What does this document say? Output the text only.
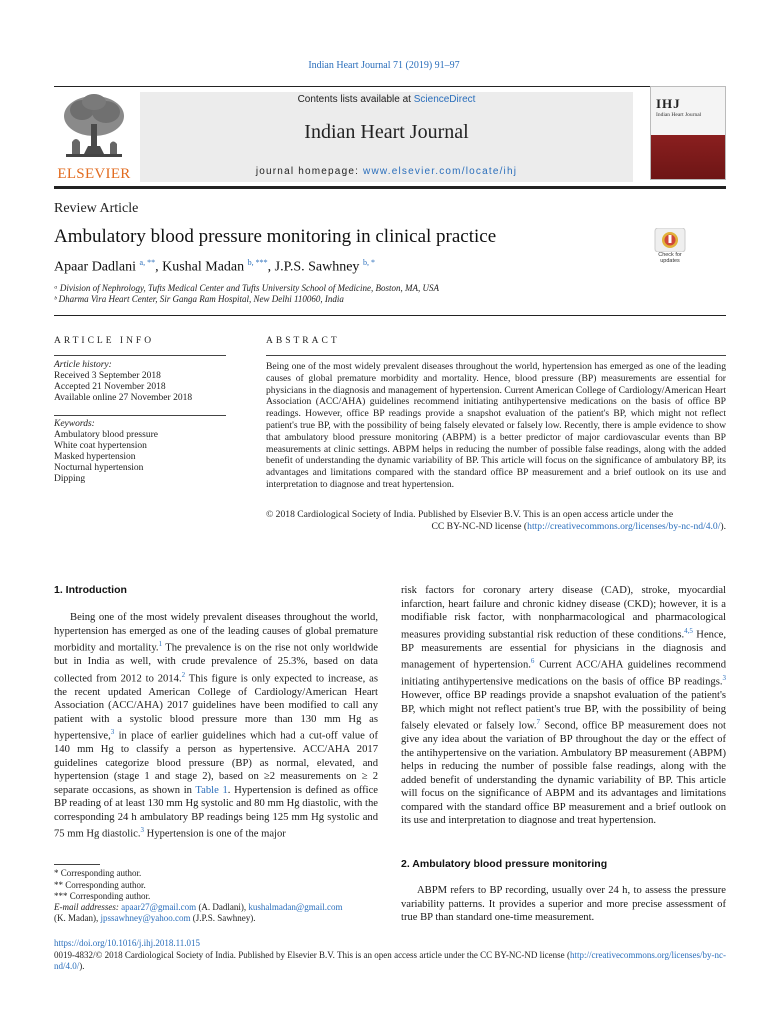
Indian Heart Journal 71 (2019) 91–97
ELSEVIER
Contents lists available at ScienceDirect
Indian Heart Journal
journal homepage: www.elsevier.com/locate/ihj
IHJ
Indian Heart Journal
Review Article
Ambulatory blood pressure monitoring in clinical practice
Apaar Dadlani $^{a, **}$, Kushal Madan $^{b, ***}$, J.P.S. Sawhney $^{b, *}$
ᵃ Division of Nephrology, Tufts Medical Center and Tufts University School of Medicine, Boston, MA, USA
ᵇ Dharma Vira Heart Center, Sir Ganga Ram Hospital, New Delhi 110060, India
Check for updates
ARTICLE INFO	ABSTRACT
Article history:
Received 3 September 2018
Accepted 21 November 2018
Available online 27 November 2018
Keywords:
Ambulatory blood pressure
White coat hypertension
Masked hypertension
Nocturnal hypertension
Dipping
Being one of the most widely prevalent diseases throughout the world, hypertension has emerged as one of the leading causes of global premature morbidity and mortality. Hence, blood pressure (BP) measurements are essential for physicians in the diagnosis and management of hypertension. Current American College of Cardiology/American Heart Association (ACC/AHA) guidelines recommend initiating antihypertensive medications on the basis of office BP readings. However, office BP readings provide a snapshot evaluation of the patient's BP, which might not reflect patient's true BP, with the possibility of being falsely elevated or falsely low. Recently, there is ample evidence to show that ambulatory blood pressure monitoring (ABPM) is a better predictor of major cardiovascular events than BP measurements at clinic settings. ABPM helps in reducing the number of possible false readings, along with the added benefit of understanding the dynamic variability of BP. This article will focus on the significance of ambulatory BP, its advantages and limitations compared with the standard office BP measurement and a brief outlook on its use and interpretation to diagnose and treat hypertension.
© 2018 Cardiological Society of India. Published by Elsevier B.V. This is an open access article under the
CC BY-NC-ND license (http://creativecommons.org/licenses/by-nc-nd/4.0/).
1. Introduction
Being one of the most widely prevalent diseases throughout the world, hypertension has emerged as one of the leading causes of global premature morbidity and mortality.$^1$ The prevalence is on the rise not only worldwide but in India as well, with crude prevalence of 25.3%, based on data collected from 2012 to 2014.$^2$ This figure is only expected to increase, as the recent updated American College of Cardiology/American Heart Association (ACC/AHA) 2017 guidelines have been modified to call any patient with a systolic blood pressure more than 130 mm Hg as hypertensive,$^3$ in place of earlier guidelines which had a cut-off value of 140 mm Hg to classify a person as hypertensive. ACC/AHA 2017 guidelines categorize blood pressure (BP) as normal, elevated, and hypertension (stage 1 and stage 2), based on ≥2 measurements on ≥ 2 separate occasions, as shown in Table 1. Hypertension is defined as office BP reading of at least 130 mm Hg systolic and 80 mm Hg diastolic, with the corresponding 24 h ambulatory BP readings being 125 mm Hg systolic and 75 mm Hg diastolic.$^3$ Hypertension is one of the major
risk factors for coronary artery disease (CAD), stroke, myocardial infarction, heart failure and chronic kidney disease (CKD); however, it is a modifiable risk factor, with nonpharmacological and pharmacological measures providing substantial risk reduction of these conditions.$^{4,5}$ Hence, BP measurements are essential for physicians in the diagnosis and management of hypertension.$^6$ Current ACC/AHA guidelines recommend initiating antihypertensive medications on the basis of office BP readings.$^3$ However, office BP readings provide a snapshot evaluation of the patient's BP, which might not reflect patient's true BP, with the possibility of being falsely elevated or falsely low.$^7$ Second, office BP measurement does not give any idea about the variation of BP throughout the day or the effect of the antihypertensive on the variation. Ambulatory BP measurement (ABPM) helps in reducing the number of possible false readings, along with the added benefit of understanding the dynamic variability of BP. This article will focus on the significance of ABPM and its advantages and limitations compared with the standard office BP measurement and a brief outlook on its use and interpretation to diagnose and treat hypertension.
2. Ambulatory blood pressure monitoring
ABPM refers to BP recording, usually over 24 h, to assess the pressure variability patterns. It provides a superior and more precise assessment of true BP than standard one-time measurement.
* Corresponding author.
** Corresponding author.
*** Corresponding author.
E-mail addresses: apaar27@gmail.com (A. Dadlani), kushalmadan@gmail.com
(K. Madan), jpssawhney@yahoo.com (J.P.S. Sawhney).
https://doi.org/10.1016/j.ihj.2018.11.015
0019-4832/© 2018 Cardiological Society of India. Published by Elsevier B.V. This is an open access article under the CC BY-NC-ND license (http://creativecommons.org/licenses/by-nc-nd/4.0/).
